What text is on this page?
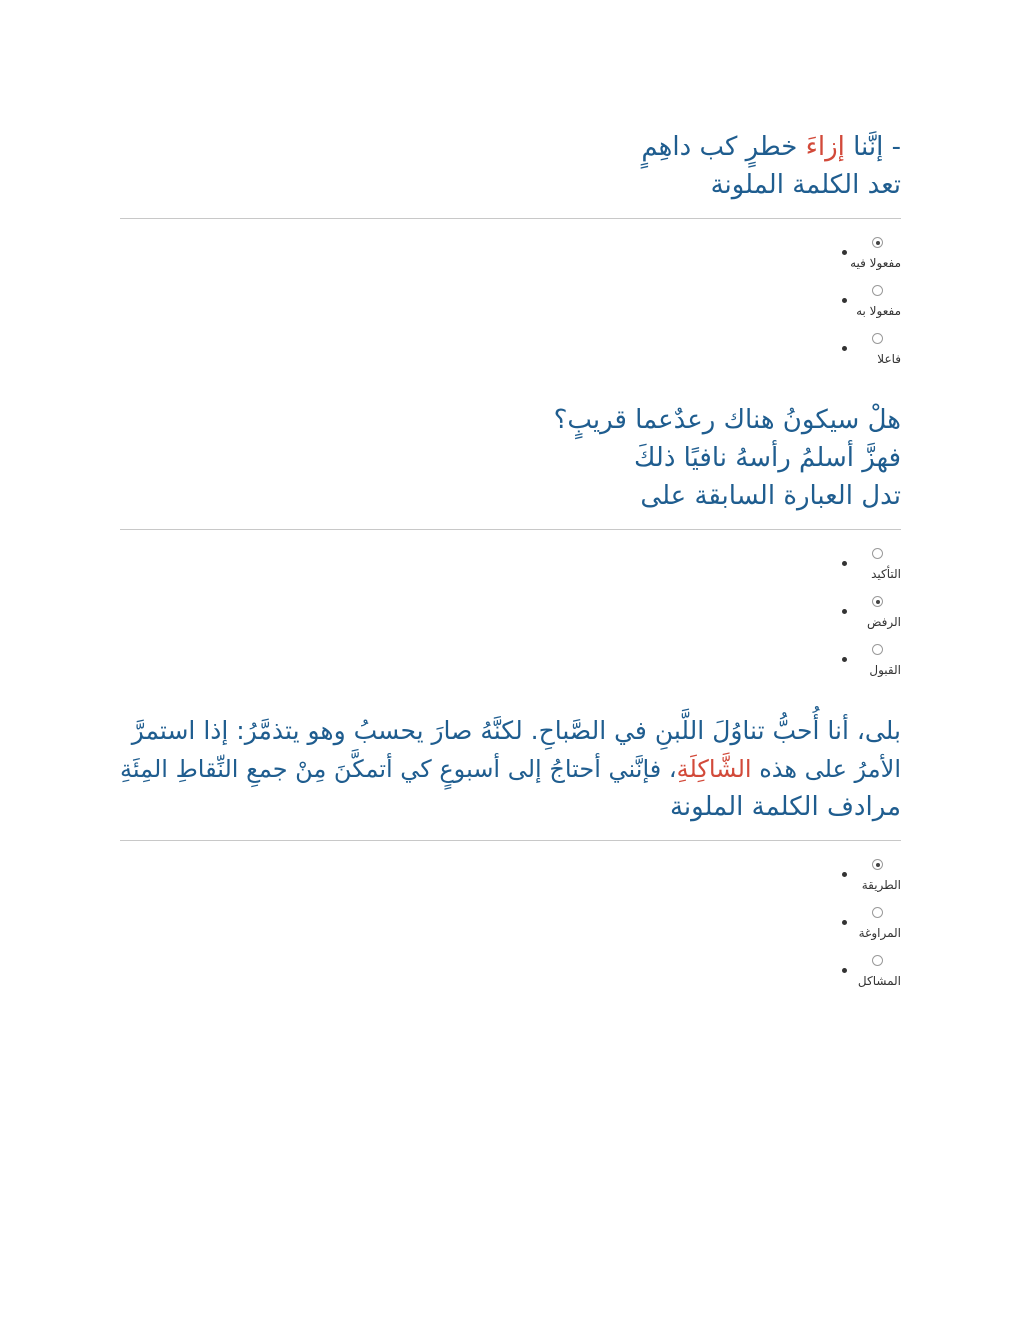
- إنَّنا إزاءَ خطرٍ كب داهِمٍ
تعد الكلمة الملونة

مفعولا فيه
مفعولا به
فاعلا

هلْ سيكونُ هناك رعدٌعما قريبٍ؟
فهزَّ أسلمُ رأسهُ نافيًا ذلكَ
تدل العبارة السابقة على

التأكيد
الرفض
القبول

بلى، أنا أُحبُّ تناوُلَ اللَّبنِ في الصَّباحِ. لكنَّهُ صارَ يحسبُ وهو يتذمَّرُ: إذا استمرَّ
الأمرُ على هذه الشَّاكِلَةِ، فإنَّني أحتاجُ إلى أسبوعٍ كي أتمكَّنَ مِنْ جمعِ النِّقاطِ المِئَةِ
مرادف الكلمة الملونة

الطريقة
المراوغة
المشاكل
